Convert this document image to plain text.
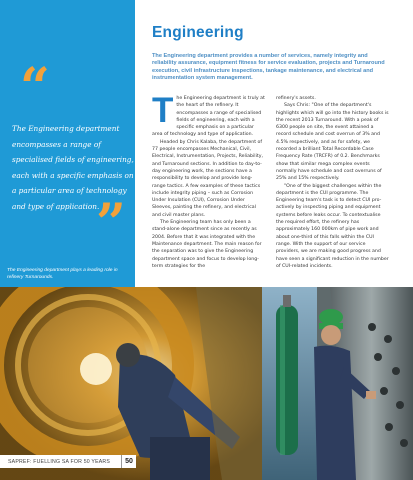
“
The Engineering department encompasses a range of specialised fields of engineering, each with a specific emphasis on a particular area of technology and type of application.
”
The Engineering department plays a leading role in refinery Turnarounds.
Engineering
The Engineering department provides a number of services, namely integrity and reliability assurance, equipment fitness for service evaluation, projects and Turnaround execution, civil infrastructure inspections, tankage maintenance, and electrical and instrumentation system management.
T he Engineering department is truly at the heart of the refinery. It encompasses a range of specialised fields of engineering, each with a specific emphasis on a particular area of technology and type of application.

Headed by Chris Kalaba, the department of 77 people encompasses Mechanical, Civil, Electrical, Instrumentation, Projects, Reliability, and Turnaround sections. In addition to day-to-day engineering work, the sections have a responsibility to develop and provide long-range tactics. A few examples of these tactics include integrity piping – such as Corrosion Under Insulation (CUI), Corrosion Under Sleeves, painting the refinery, and electrical and civil master plans.

The Engineering team has only been a stand-alone department since as recently as 2004. Before that it was integrated with the Maintenance department. The main reason for the separation was to give the Engineering department space and focus to develop long-term strategies for the

refinery's assets.

Says Chris: "One of the department's highlights which will go into the history books is the recent 2013 Turnaround. With a peak of 6300 people on site, the event attained a record schedule and cost overrun of 3% and 4.5% respectively, and as for safety, we recorded a brilliant Total Recordable Case Frequency Rate (TRCFR) of 0.2. Benchmarks show that similar mega complex events normally have schedule and cost overruns of 25% and 15% respectively.

"One of the biggest challenges within the department is the CUI programme. The Engineering team's task is to detect CUI pro-actively by inspecting piping and equipment systems before leaks occur. To contextualise the required effort, the refinery has approximately 160 000km of pipe work and about one-third of this falls within the CUI range. With the support of our service providers, we are making good progress and have seen a significant reduction in the number of CUI-related incidents.

SAPREF: FUELLING SA FOR 50 YEARS	50
